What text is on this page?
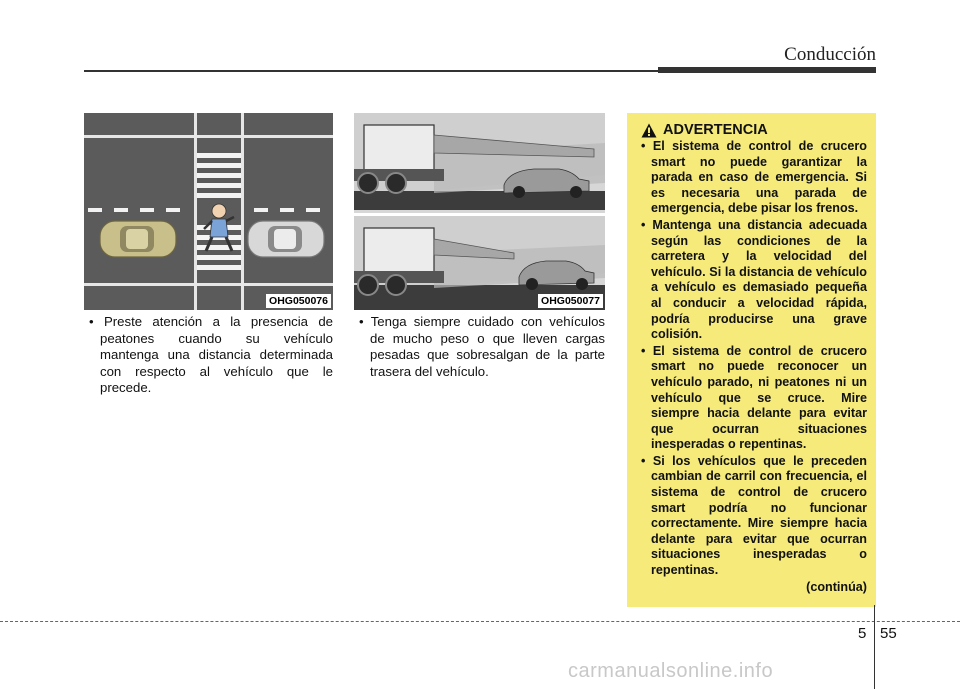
Conducción
OHG050076	OHG050077
• Preste atención a la presencia de peatones cuando su vehículo mantenga una distancia determinada con respecto al vehículo que le precede.
• Tenga siempre cuidado con vehículos de mucho peso o que lleven cargas pesadas que sobresalgan de la parte trasera del vehículo.
ADVERTENCIA
• El sistema de control de crucero smart no puede garantizar la parada en caso de emergencia. Si es necesaria una parada de emergencia, debe pisar los frenos.
• Mantenga una distancia adecuada según las condiciones de la carretera y la velocidad del vehículo. Si la distancia de vehículo a vehículo es demasiado pequeña al conducir a velocidad rápida, podría producirse una grave colisión.
• El sistema de control de crucero smart no puede reconocer un vehículo parado, ni peatones ni un vehículo que se cruce. Mire siempre hacia delante para evitar que ocurran situaciones inesperadas o repentinas.
• Si los vehículos que le preceden cambian de carril con frecuencia, el sistema de control de crucero smart podría no funcionar correctamente. Mire siempre hacia delante para evitar que ocurran situaciones inesperadas o repentinas.
(continúa)
5 55
carmanualsonline.info
